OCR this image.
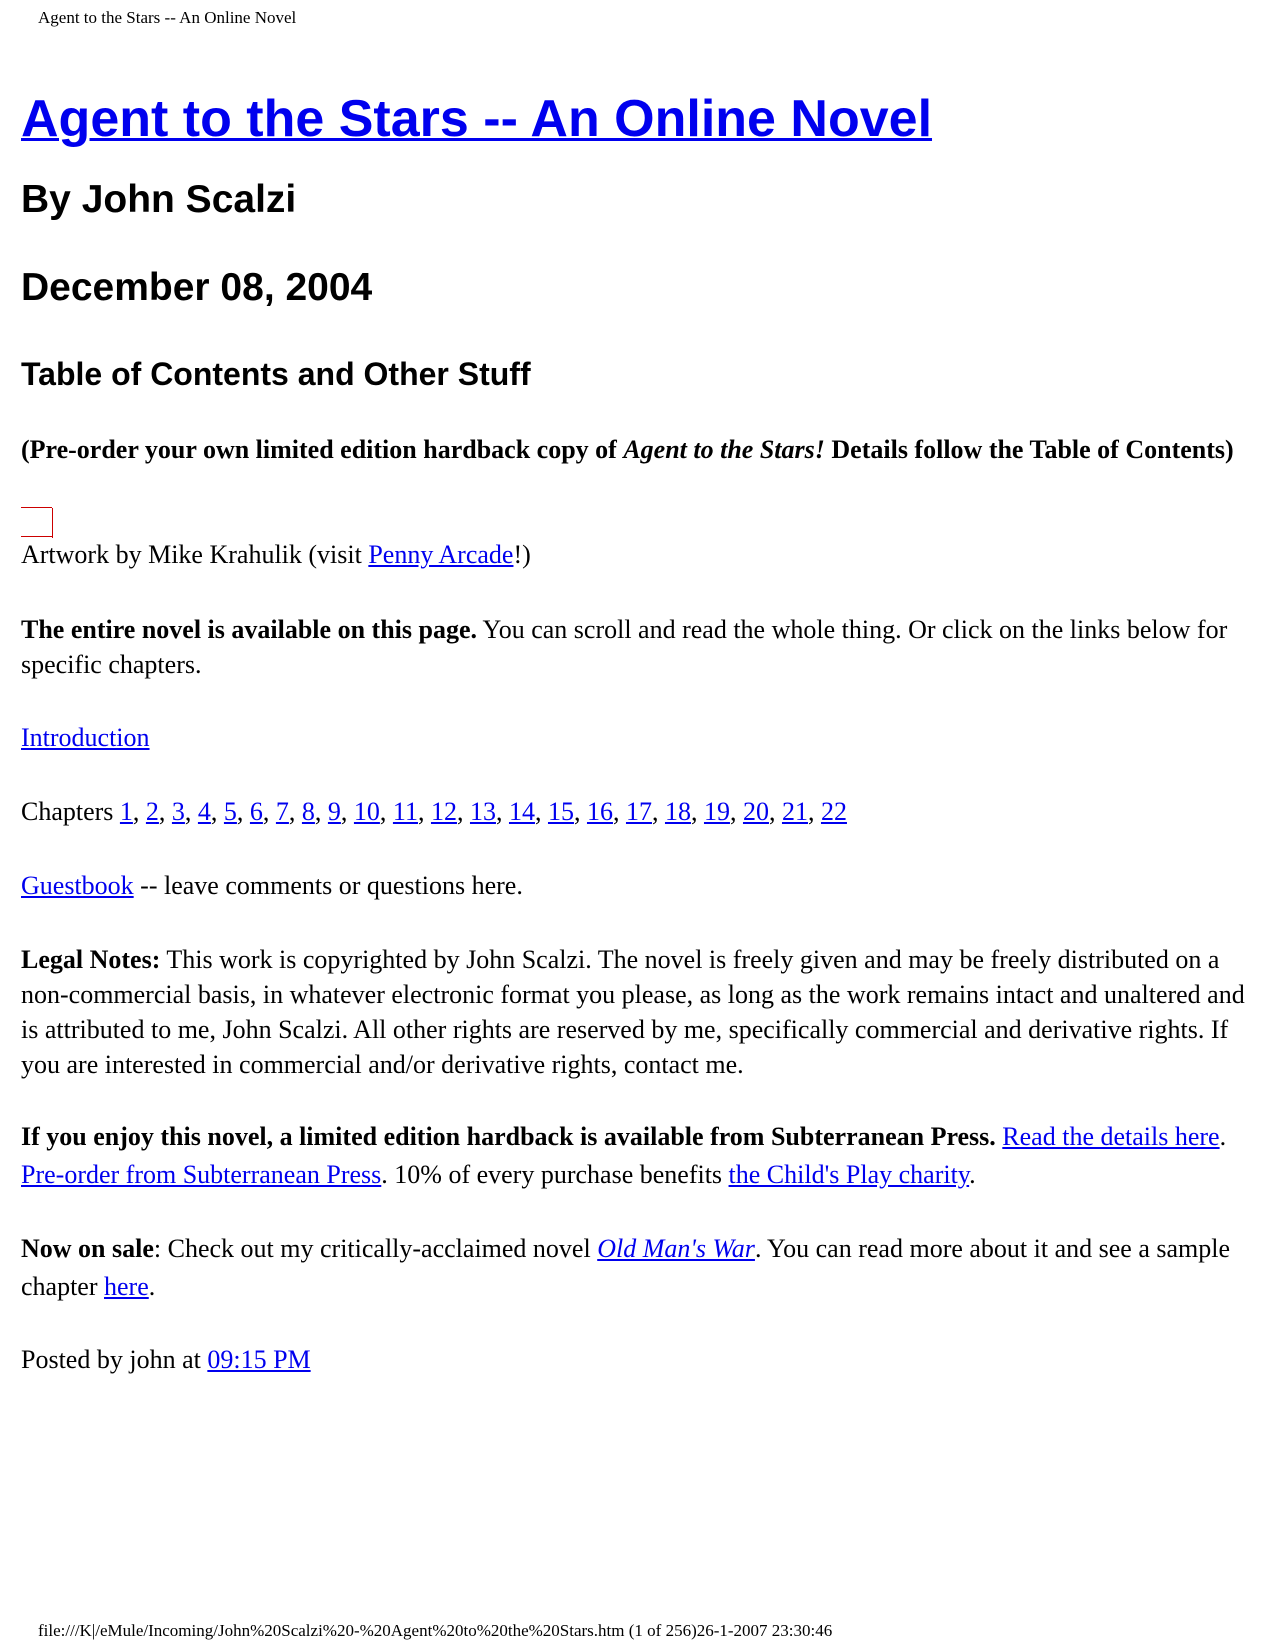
Agent to the Stars -- An Online Novel
Agent to the Stars -- An Online Novel
By John Scalzi
December 08, 2004
Table of Contents and Other Stuff

(Pre-order your own limited edition hardback copy of Agent to the Stars! Details follow the Table of Contents)

Artwork by Mike Krahulik (visit Penny Arcade!)

The entire novel is available on this page. You can scroll and read the whole thing. Or click on the links below for specific chapters.

Introduction

Chapters 1, 2, 3, 4, 5, 6, 7, 8, 9, 10, 11, 12, 13, 14, 15, 16, 17, 18, 19, 20, 21, 22

Guestbook -- leave comments or questions here.

Legal Notes: This work is copyrighted by John Scalzi. The novel is freely given and may be freely distributed on a non-commercial basis, in whatever electronic format you please, as long as the work remains intact and unaltered and is attributed to me, John Scalzi. All other rights are reserved by me, specifically commercial and derivative rights. If you are interested in commercial and/or derivative rights, contact me.

If you enjoy this novel, a limited edition hardback is available from Subterranean Press. Read the details here. Pre-order from Subterranean Press. 10% of every purchase benefits the Child's Play charity.

Now on sale: Check out my critically-acclaimed novel Old Man's War. You can read more about it and see a sample chapter here.

Posted by john at 09:15 PM

file:///K|/eMule/Incoming/John%20Scalzi%20-%20Agent%20to%20the%20Stars.htm (1 of 256)26-1-2007 23:30:46
